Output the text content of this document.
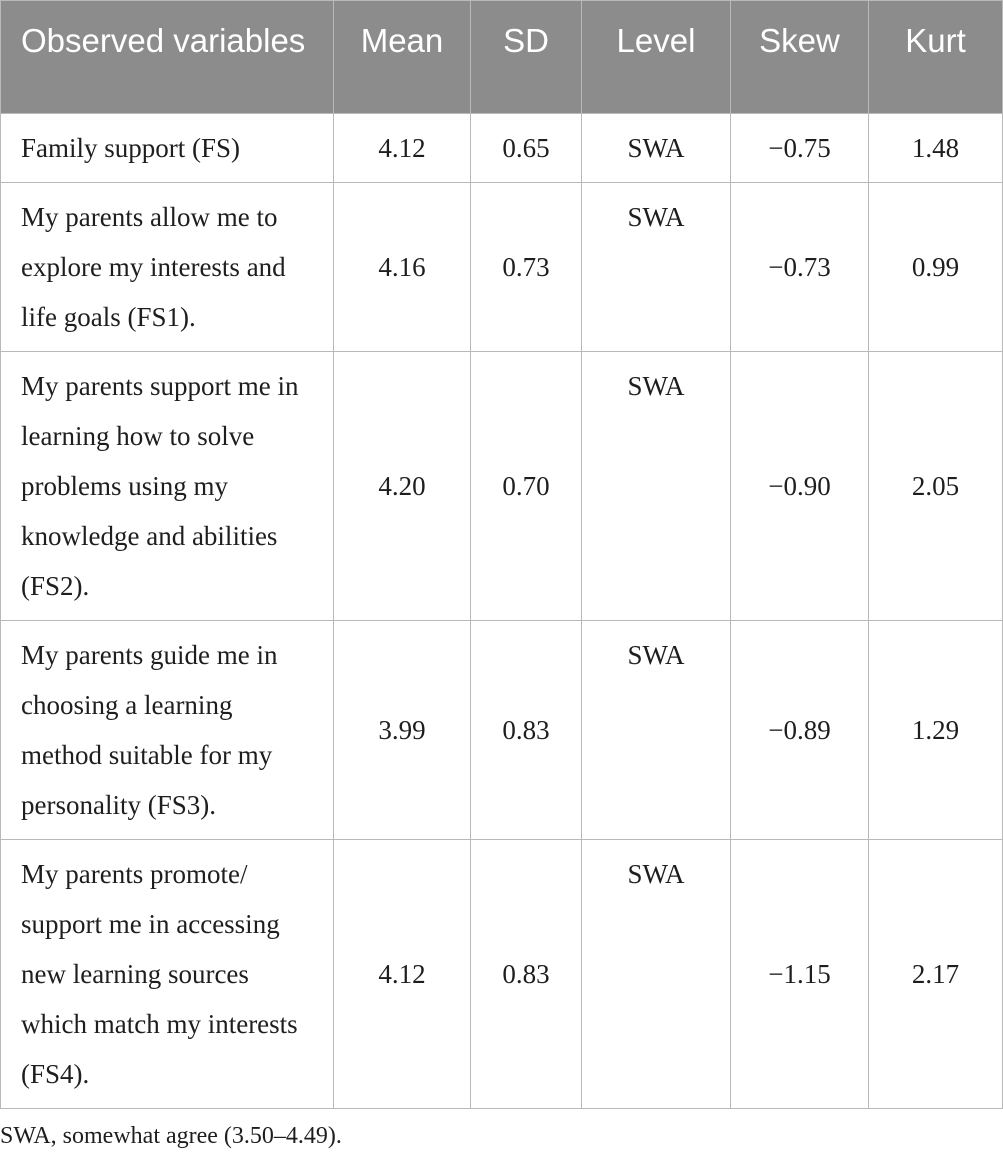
Observed variables	Mean	SD	Level	Skew	Kurt
Family support (FS)	4.12	0.65	SWA	−0.75	1.48
My parents allow me to explore my interests and life goals (FS1).	4.16	0.73	SWA	−0.73	0.99
My parents support me in learning how to solve problems using my knowledge and abilities (FS2).	4.20	0.70	SWA	−0.90	2.05
My parents guide me in choosing a learning method suitable for my personality (FS3).	3.99	0.83	SWA	−0.89	1.29
My parents promote/ support me in accessing new learning sources which match my interests (FS4).	4.12	0.83	SWA	−1.15	2.17
SWA, somewhat agree (3.50–4.49).
